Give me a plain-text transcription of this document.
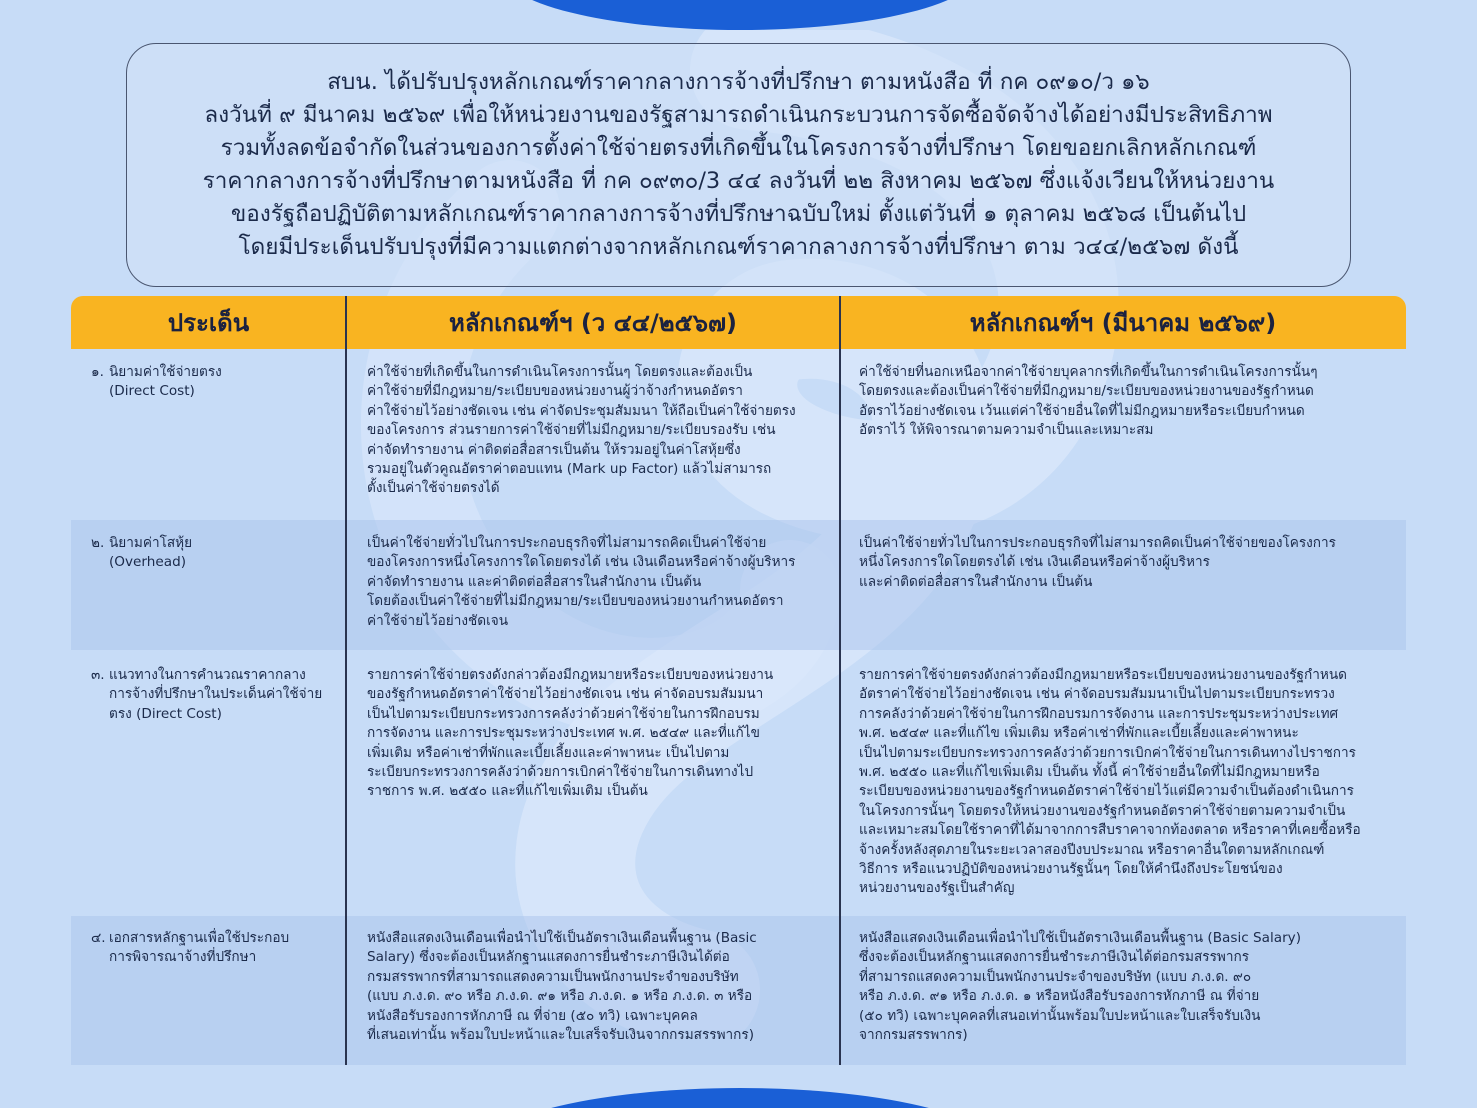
สบน. ได้ปรับปรุงหลักเกณฑ์ราคากลางการจ้างที่ปรึกษา ตามหนังสือ ที่ กค ๐๙๑๐/ว ๑๖
ลงวันที่ ๙ มีนาคม ๒๕๖๙ เพื่อให้หน่วยงานของรัฐสามารถดำเนินกระบวนการจัดซื้อจัดจ้างได้อย่างมีประสิทธิภาพ
รวมทั้งลดข้อจำกัดในส่วนของการตั้งค่าใช้จ่ายตรงที่เกิดขึ้นในโครงการจ้างที่ปรึกษา โดยขอยกเลิกหลักเกณฑ์
ราคากลางการจ้างที่ปรึกษาตามหนังสือ ที่ กค ๐๙๓๐/3 ๔๔ ลงวันที่ ๒๒ สิงหาคม ๒๕๖๗ ซึ่งแจ้งเวียนให้หน่วยงาน
ของรัฐถือปฏิบัติตามหลักเกณฑ์ราคากลางการจ้างที่ปรึกษาฉบับใหม่ ตั้งแต่วันที่ ๑ ตุลาคม ๒๕๖๘ เป็นต้นไป
โดยมีประเด็นปรับปรุงที่มีความแตกต่างจากหลักเกณฑ์ราคากลางการจ้างที่ปรึกษา ตาม ว๔๔/๒๕๖๗ ดังนี้
ประเด็น	หลักเกณฑ์ฯ (ว ๔๔/๒๕๖๗)	หลักเกณฑ์ฯ (มีนาคม ๒๕๖๙)
๑. นิยามค่าใช้จ่ายตรง
(Direct Cost)
ค่าใช้จ่ายที่เกิดขึ้นในการดำเนินโครงการนั้นๆ โดยตรงและต้องเป็น
ค่าใช้จ่ายที่มีกฎหมาย/ระเบียบของหน่วยงานผู้ว่าจ้างกำหนดอัตรา
ค่าใช้จ่ายไว้อย่างชัดเจน เช่น ค่าจัดประชุมสัมมนา ให้ถือเป็นค่าใช้จ่ายตรง
ของโครงการ ส่วนรายการค่าใช้จ่ายที่ไม่มีกฎหมาย/ระเบียบรองรับ เช่น
ค่าจัดทำรายงาน ค่าติดต่อสื่อสารเป็นต้น ให้รวมอยู่ในค่าโสหุ้ยซึ่ง
รวมอยู่ในตัวคูณอัตราค่าตอบแทน (Mark up Factor) แล้วไม่สามารถ
ตั้งเป็นค่าใช้จ่ายตรงได้
ค่าใช้จ่ายที่นอกเหนือจากค่าใช้จ่ายบุคลากรที่เกิดขึ้นในการดำเนินโครงการนั้นๆ
โดยตรงและต้องเป็นค่าใช้จ่ายที่มีกฎหมาย/ระเบียบของหน่วยงานของรัฐกำหนด
อัตราไว้อย่างชัดเจน เว้นแต่ค่าใช้จ่ายอื่นใดที่ไม่มีกฎหมายหรือระเบียบกำหนด
อัตราไว้ ให้พิจารณาตามความจำเป็นและเหมาะสม
๒. นิยามค่าโสหุ้ย
(Overhead)
เป็นค่าใช้จ่ายทั่วไปในการประกอบธุรกิจที่ไม่สามารถคิดเป็นค่าใช้จ่าย
ของโครงการหนึ่งโครงการใดโดยตรงได้ เช่น เงินเดือนหรือค่าจ้างผู้บริหาร
ค่าจัดทำรายงาน และค่าติดต่อสื่อสารในสำนักงาน เป็นต้น
โดยต้องเป็นค่าใช้จ่ายที่ไม่มีกฎหมาย/ระเบียบของหน่วยงานกำหนดอัตรา
ค่าใช้จ่ายไว้อย่างชัดเจน
เป็นค่าใช้จ่ายทั่วไปในการประกอบธุรกิจที่ไม่สามารถคิดเป็นค่าใช้จ่ายของโครงการ
หนึ่งโครงการใดโดยตรงได้ เช่น เงินเดือนหรือค่าจ้างผู้บริหาร
และค่าติดต่อสื่อสารในสำนักงาน เป็นต้น
๓. แนวทางในการคำนวณราคากลาง
การจ้างที่ปรึกษาในประเด็นค่าใช้จ่าย
ตรง (Direct Cost)
รายการค่าใช้จ่ายตรงดังกล่าวต้องมีกฎหมายหรือระเบียบของหน่วยงาน
ของรัฐกำหนดอัตราค่าใช้จ่ายไว้อย่างชัดเจน เช่น ค่าจัดอบรมสัมมนา
เป็นไปตามระเบียบกระทรวงการคลังว่าด้วยค่าใช้จ่ายในการฝึกอบรม
การจัดงาน และการประชุมระหว่างประเทศ พ.ศ. ๒๕๔๙ และที่แก้ไข
เพิ่มเติม หรือค่าเช่าที่พักและเบี้ยเลี้ยงและค่าพาหนะ เป็นไปตาม
ระเบียบกระทรวงการคลังว่าด้วยการเบิกค่าใช้จ่ายในการเดินทางไป
ราชการ พ.ศ. ๒๕๕๐ และที่แก้ไขเพิ่มเติม เป็นต้น
รายการค่าใช้จ่ายตรงดังกล่าวต้องมีกฎหมายหรือระเบียบของหน่วยงานของรัฐกำหนด
อัตราค่าใช้จ่ายไว้อย่างชัดเจน เช่น ค่าจัดอบรมสัมมนาเป็นไปตามระเบียบกระทรวง
การคลังว่าด้วยค่าใช้จ่ายในการฝึกอบรมการจัดงาน และการประชุมระหว่างประเทศ
พ.ศ. ๒๕๔๙ และที่แก้ไข เพิ่มเติม หรือค่าเช่าที่พักและเบี้ยเลี้ยงและค่าพาหนะ
เป็นไปตามระเบียบกระทรวงการคลังว่าด้วยการเบิกค่าใช้จ่ายในการเดินทางไปราชการ
พ.ศ. ๒๕๕๐ และที่แก้ไขเพิ่มเติม เป็นต้น ทั้งนี้ ค่าใช้จ่ายอื่นใดที่ไม่มีกฎหมายหรือ
ระเบียบของหน่วยงานของรัฐกำหนดอัตราค่าใช้จ่ายไว้แต่มีความจำเป็นต้องดำเนินการ
ในโครงการนั้นๆ โดยตรงให้หน่วยงานของรัฐกำหนดอัตราค่าใช้จ่ายตามความจำเป็น
และเหมาะสมโดยใช้ราคาที่ได้มาจากการสืบราคาจากท้องตลาด หรือราคาที่เคยซื้อหรือ
จ้างครั้งหลังสุดภายในระยะเวลาสองปีงบประมาณ หรือราคาอื่นใดตามหลักเกณฑ์
วิธีการ หรือแนวปฏิบัติของหน่วยงานรัฐนั้นๆ โดยให้คำนึงถึงประโยชน์ของ
หน่วยงานของรัฐเป็นสำคัญ
๔. เอกสารหลักฐานเพื่อใช้ประกอบ
การพิจารณาจ้างที่ปรึกษา
หนังสือแสดงเงินเดือนเพื่อนำไปใช้เป็นอัตราเงินเดือนพื้นฐาน (Basic
Salary) ซึ่งจะต้องเป็นหลักฐานแสดงการยื่นชำระภาษีเงินได้ต่อ
กรมสรรพากรที่สามารถแสดงความเป็นพนักงานประจำของบริษัท
(แบบ ภ.ง.ด. ๙๐ หรือ ภ.ง.ด. ๙๑ หรือ ภ.ง.ด. ๑ หรือ ภ.ง.ด. ๓ หรือ
หนังสือรับรองการหักภาษี ณ ที่จ่าย (๕๐ ทวิ) เฉพาะบุคคล
ที่เสนอเท่านั้น พร้อมใบปะหน้าและใบเสร็จรับเงินจากกรมสรรพากร)
หนังสือแสดงเงินเดือนเพื่อนำไปใช้เป็นอัตราเงินเดือนพื้นฐาน (Basic Salary)
ซึ่งจะต้องเป็นหลักฐานแสดงการยื่นชำระภาษีเงินได้ต่อกรมสรรพากร
ที่สามารถแสดงความเป็นพนักงานประจำของบริษัท (แบบ ภ.ง.ด. ๙๐
หรือ ภ.ง.ด. ๙๑ หรือ ภ.ง.ด. ๑ หรือหนังสือรับรองการหักภาษี ณ ที่จ่าย
(๕๐ ทวิ) เฉพาะบุคคลที่เสนอเท่านั้นพร้อมใบปะหน้าและใบเสร็จรับเงิน
จากกรมสรรพากร)
